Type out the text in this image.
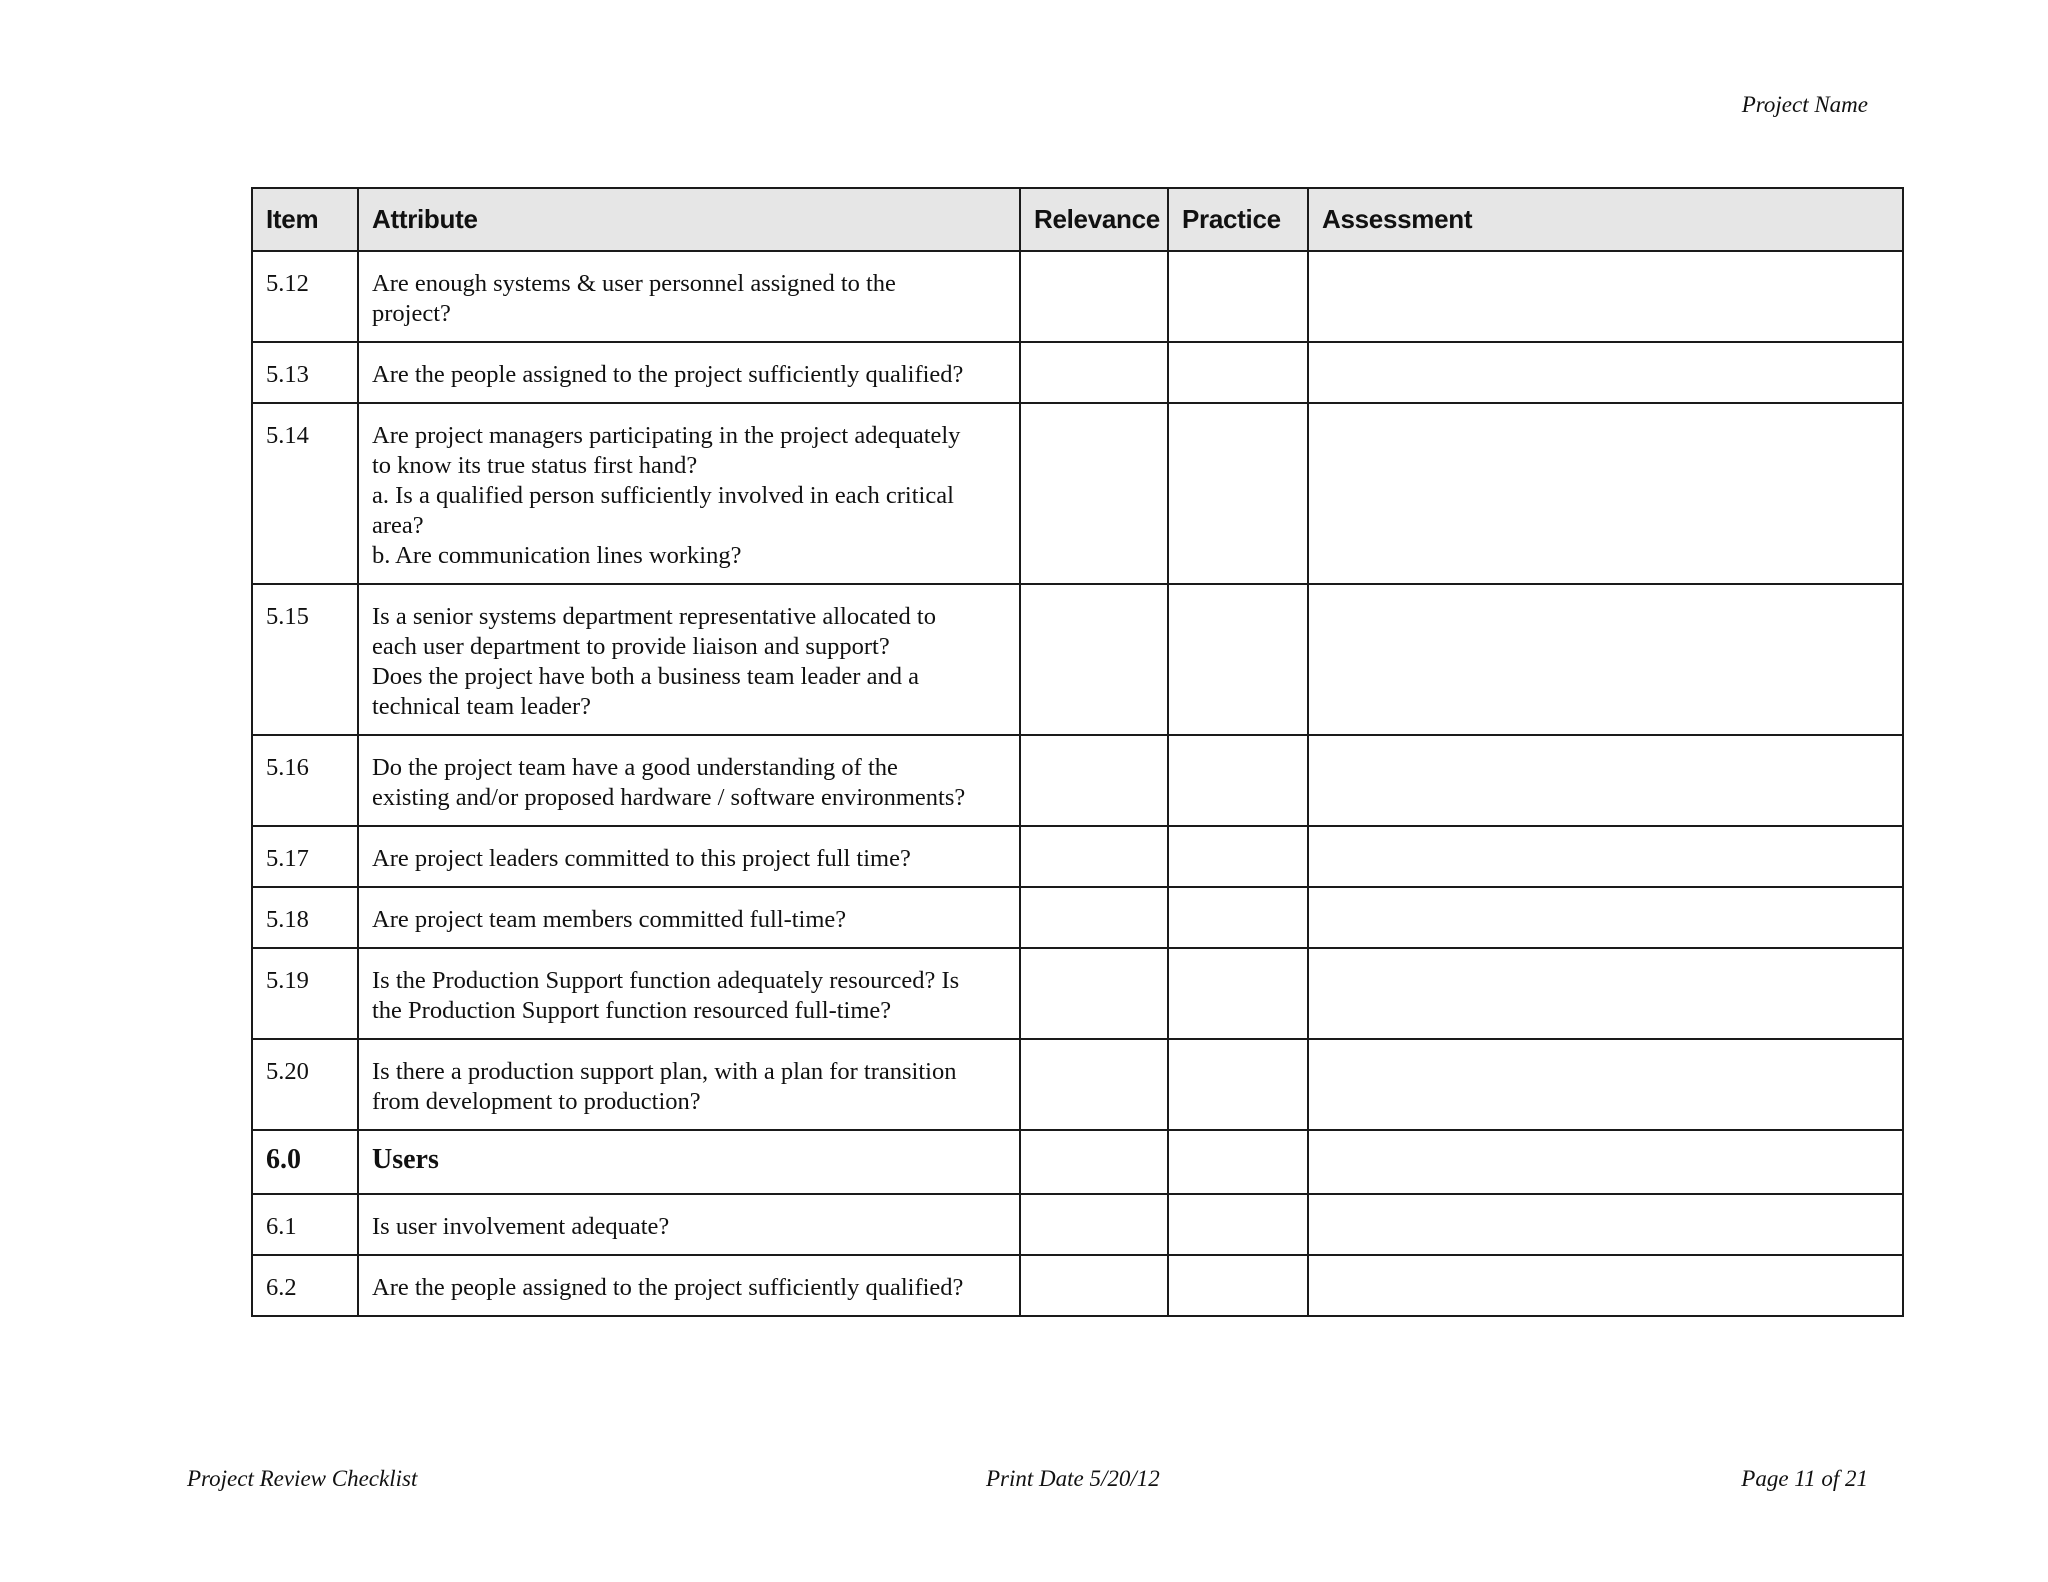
Project Name
Item	Attribute	Relevance	Practice	Assessment
5.12	Are enough systems & user personnel assigned to the
project?			

5.13	Are the people assigned to the project sufficiently qualified?			

5.14	Are project managers participating in the project adequately
to know its true status first hand?
a. Is a qualified person sufficiently involved in each critical
area?
b. Are communication lines working?			

5.15	Is a senior systems department representative allocated to
each user department to provide liaison and support?
Does the project have both a business team leader and a
technical team leader?			

5.16	Do the project team have a good understanding of the
existing and/or proposed hardware / software environments?			

5.17	Are project leaders committed to this project full time?			

5.18	Are project team members committed full-time?			

5.19	Is the Production Support function adequately resourced? Is
the Production Support function resourced full-time?			

5.20	Is there a production support plan, with a plan for transition
from development to production?			

6.0	Users			

6.1	Is user involvement adequate?			

6.2	Are the people assigned to the project sufficiently qualified?			

Project Review Checklist	Print Date 5/20/12	Page 11 of 21
